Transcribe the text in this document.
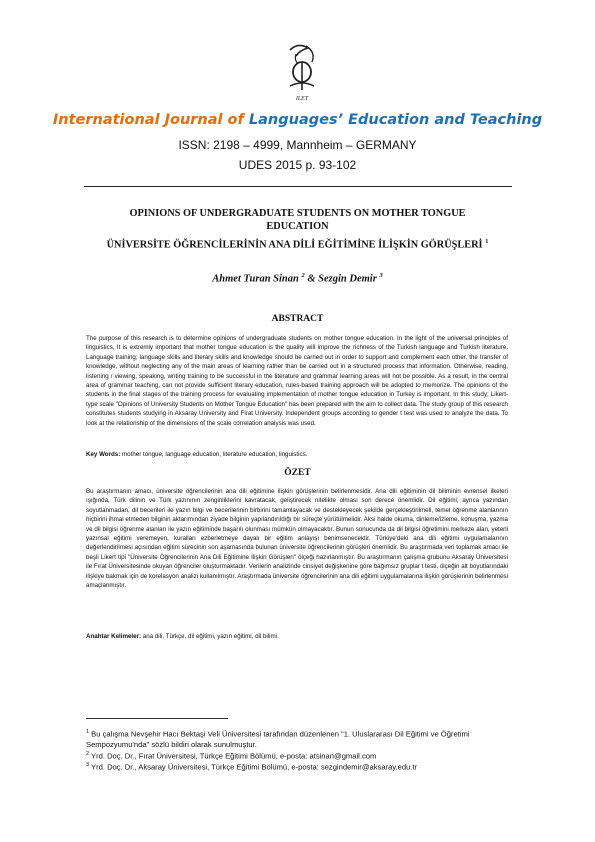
ILET
International Journal of Languages’ Education and Teaching
ISSN: 2198 – 4999, Mannheim – GERMANY
UDES 2015 p. 93-102
OPINIONS OF UNDERGRADUATE STUDENTS ON MOTHER TONGUE EDUCATION
ÜNİVERSİTE ÖĞRENCİLERİNİN ANA DİLİ EĞİTİMİNE İLİŞKİN GÖRÜŞLERİ $^1$
Ahmet Turan Sinan $^2$ & Sezgin Demir $^3$
ABSTRACT
The purpose of this research is to determine opinions of undergraduate students on mother tongue education. In the light of the universal principles of linguistics, It is extremly important that mother tongue education is the quality will improve the richness of the Turkish language and Turkish literature. Language training; language skills and literary skills and knowledge should be carried out in order to support and complement each other, the transfer of knowledge, without neglecting any of the main areas of learning rather than be carried out in a structured process that information. Otherwise, reading, listening / viewing, speaking, writing training to be successful in the literature and grammar learning areas will not be possible. As a result, in the central area of grammar teaching, can not provide sufficient literary education, rules-based training approach will be adopted to memorize. The opinions of the students in the final stages of the training process for evaluating implementation of mother tongue education in Turkey is important. In this study; Likert-type scale "Opinions of University Students on Mother Tongue Education" has been prepared with the aim to collect data. The study group of this research constitutes students studying in Aksaray University and Firat University. Independent groups according to gender t test was used to analyze the data. To look at the relationship of the dimensions of the scale correlation analysis was used.
Key Words: mother tongue, language education, literature education, linguistics.
ÖZET
Bu araştırmanın amacı, üniversite öğrencilerinin ana dili eğitimine ilişkin görüşlerinin belirlenmesidir. Ana dili eğitiminin dil biliminin evrensel ilkeleri ışığında, Türk dilinin ve Türk yazınının zenginliklerini kavratacak, geliştirecek nitelikte olması son derece önemlidir. Dil eğitimi; ayrıca yazından soyutlanmadan, dil becerileri ile yazın bilgi ve becerilerinin birbirini tamamlayacak ve destekleyecek şekilde gerçekleştirilmeli, temel öğrenme alanlarının hiçbirini ihmal etmeden bilginin aktarımından ziyade bilginin yapılandırıldığı bir süreçte yürütülmelidir. Aksi halde okuma, dinleme/izleme, konuşma, yazma ve dil bilgisi öğrenme alanları ile yazın eğitiminde başarılı olunması mümkün olmayacaktır. Bunun sonucunda da dil bilgisi öğretimini merkeze alan, yeterli yazınsal eğitimi veremeyen, kuralları ezberletmeye dayalı bir eğitim anlayışı benimsenecektir. Türkiye'deki ana dili eğitimi uygulamalarının değerlendirilmesi açısından eğitim sürecinin son aşamasında bulunan üniversite öğrencilerinin görüşleri önemlidir. Bu araştırmada veri toplamak amacı ile beşli Likert tipi "Üniversite Öğrencilerinin Ana Dili Eğitimine İlişkin Görüşleri" ölçeği hazırlanmıştır. Bu araştırmanın çalışma grubunu Aksaray Üniversitesi ile Fırat Üniversitesinde okuyan öğrenciler oluşturmaktadır. Verilerin analizinde cinsiyet değişkenine göre bağımsız gruplar t testi, ölçeğin alt boyutlarındaki ilişkiye bakmak için de korelasyon analizi kullanılmıştır. Araştırmada üniversite öğrencilerinin ana dili eğitimi uygulamalarına ilişkin görüşlerinin belirlenmesi amaçlanmıştır.
Anahtar Kelimeler: ana dili, Türkçe, dil eğitimi, yazın eğitimi, dil bilimi.
$^1$ Bu çalışma Nevşehir Hacı Bektaşi Veli Üniversitesi tarafından düzenlenen "1. Uluslararası Dil Eğitimi ve Öğretimi Sempozyumu'nda" sözlü bildiri olarak sunulmuştur.
$^2$ Yrd. Doç. Dr., Fırat Üniversitesi, Türkçe Eğitimi Bölümü, e-posta: atsinan@gmail.com
$^3$ Yrd. Doç. Dr., Aksaray Üniversitesi, Türkçe Eğitimi Bölümü, e-posta: sezgindemir@aksaray.edu.tr
